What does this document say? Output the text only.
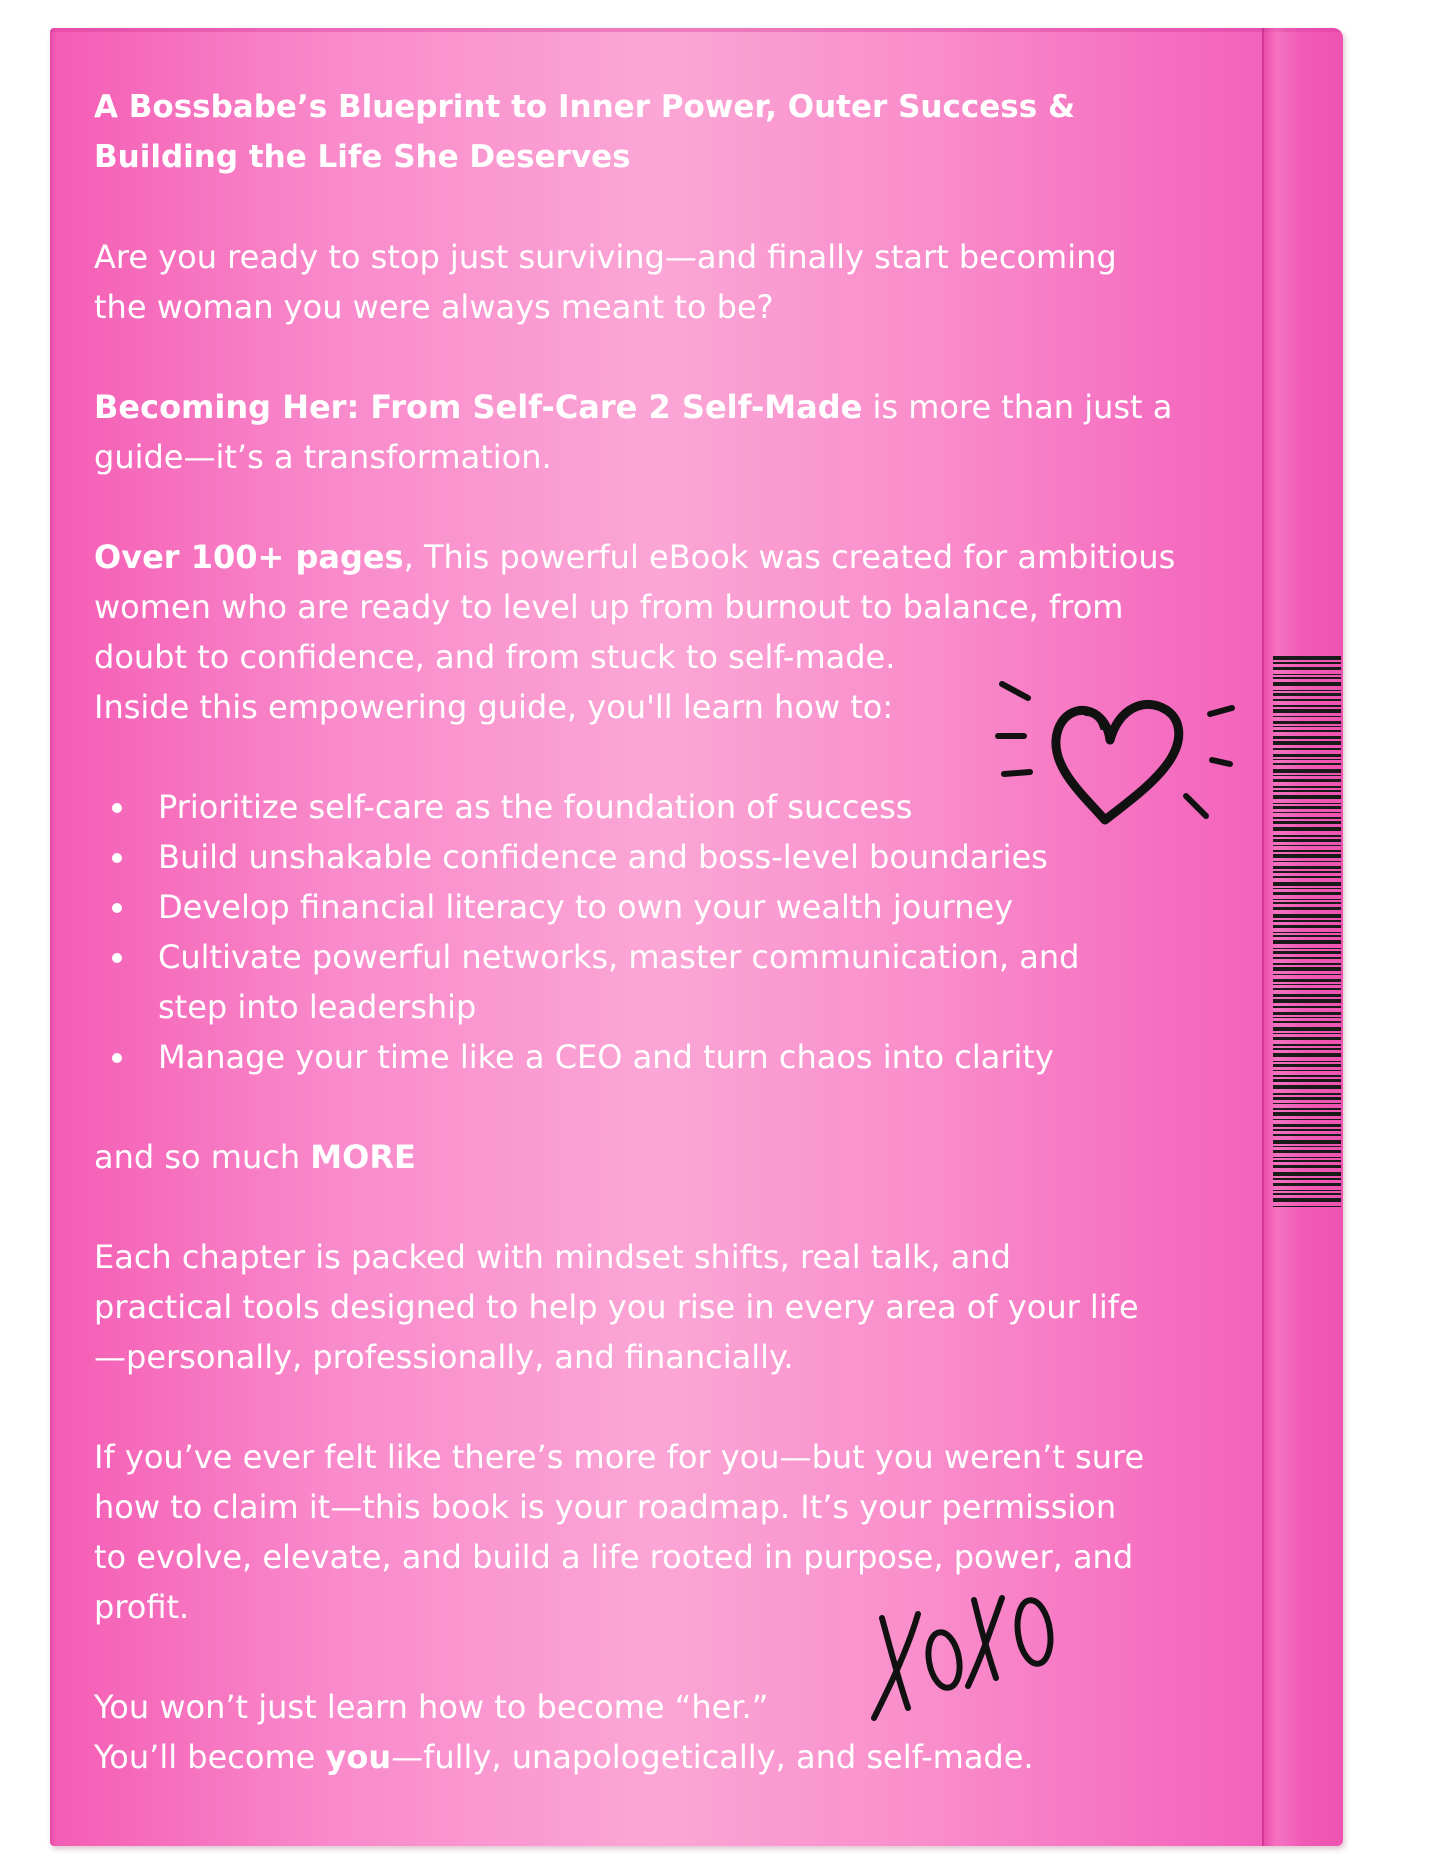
A Bossbabe’s Blueprint to Inner Power, Outer Success &
Building the Life She Deserves

Are you ready to stop just surviving—and finally start becoming
the woman you were always meant to be?

Becoming Her: From Self-Care 2 Self-Made is more than just a
guide—it’s a transformation.

Over 100+ pages, This powerful eBook was created for ambitious
women who are ready to level up from burnout to balance, from
doubt to confidence, and from stuck to self-made.
Inside this empowering guide, you'll learn how to:

Prioritize self-care as the foundation of success
Build unshakable confidence and boss-level boundaries
Develop financial literacy to own your wealth journey
Cultivate powerful networks, master communication, and
step into leadership
Manage your time like a CEO and turn chaos into clarity

and so much MORE

Each chapter is packed with mindset shifts, real talk, and
practical tools designed to help you rise in every area of your life
—personally, professionally, and financially.

If you’ve ever felt like there’s more for you—but you weren’t sure
how to claim it—this book is your roadmap. It’s your permission
to evolve, elevate, and build a life rooted in purpose, power, and
profit.

You won’t just learn how to become “her.”
You’ll become you—fully, unapologetically, and self-made.
